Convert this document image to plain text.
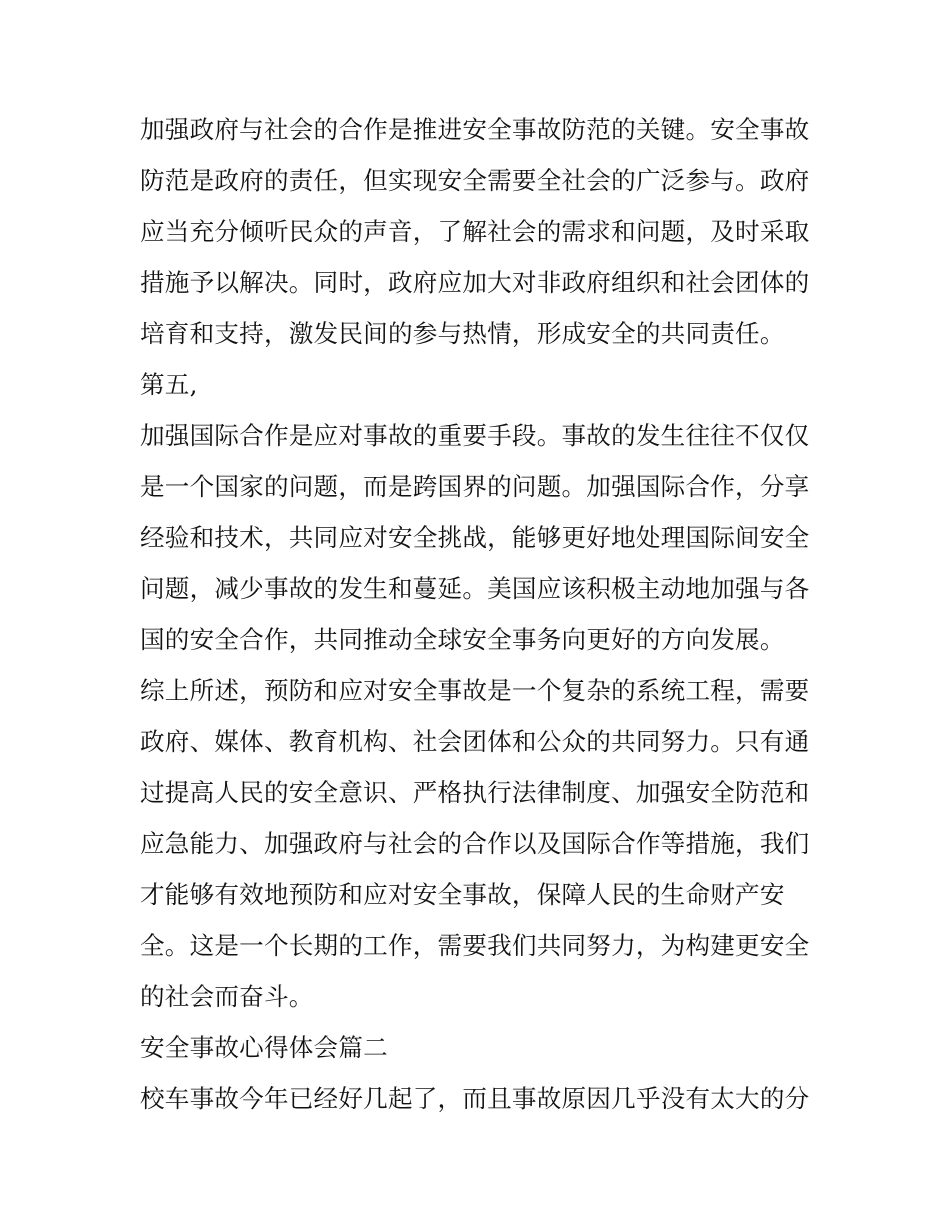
加强政府与社会的合作是推进安全事故防范的关键。安全事故
防范是政府的责任，但实现安全需要全社会的广泛参与。政府
应当充分倾听民众的声音，了解社会的需求和问题，及时采取
措施予以解决。同时，政府应加大对非政府组织和社会团体的
培育和支持，激发民间的参与热情，形成安全的共同责任。
第五,
加强国际合作是应对事故的重要手段。事故的发生往往不仅仅
是一个国家的问题，而是跨国界的问题。加强国际合作，分享
经验和技术，共同应对安全挑战，能够更好地处理国际间安全
问题，减少事故的发生和蔓延。美国应该积极主动地加强与各
国的安全合作，共同推动全球安全事务向更好的方向发展。
综上所述，预防和应对安全事故是一个复杂的系统工程，需要
政府、媒体、教育机构、社会团体和公众的共同努力。只有通
过提高人民的安全意识、严格执行法律制度、加强安全防范和
应急能力、加强政府与社会的合作以及国际合作等措施，我们
才能够有效地预防和应对安全事故，保障人民的生命财产安
全。这是一个长期的工作，需要我们共同努力，为构建更安全
的社会而奋斗。
安全事故心得体会篇二
校车事故今年已经好几起了，而且事故原因几乎没有太大的分
